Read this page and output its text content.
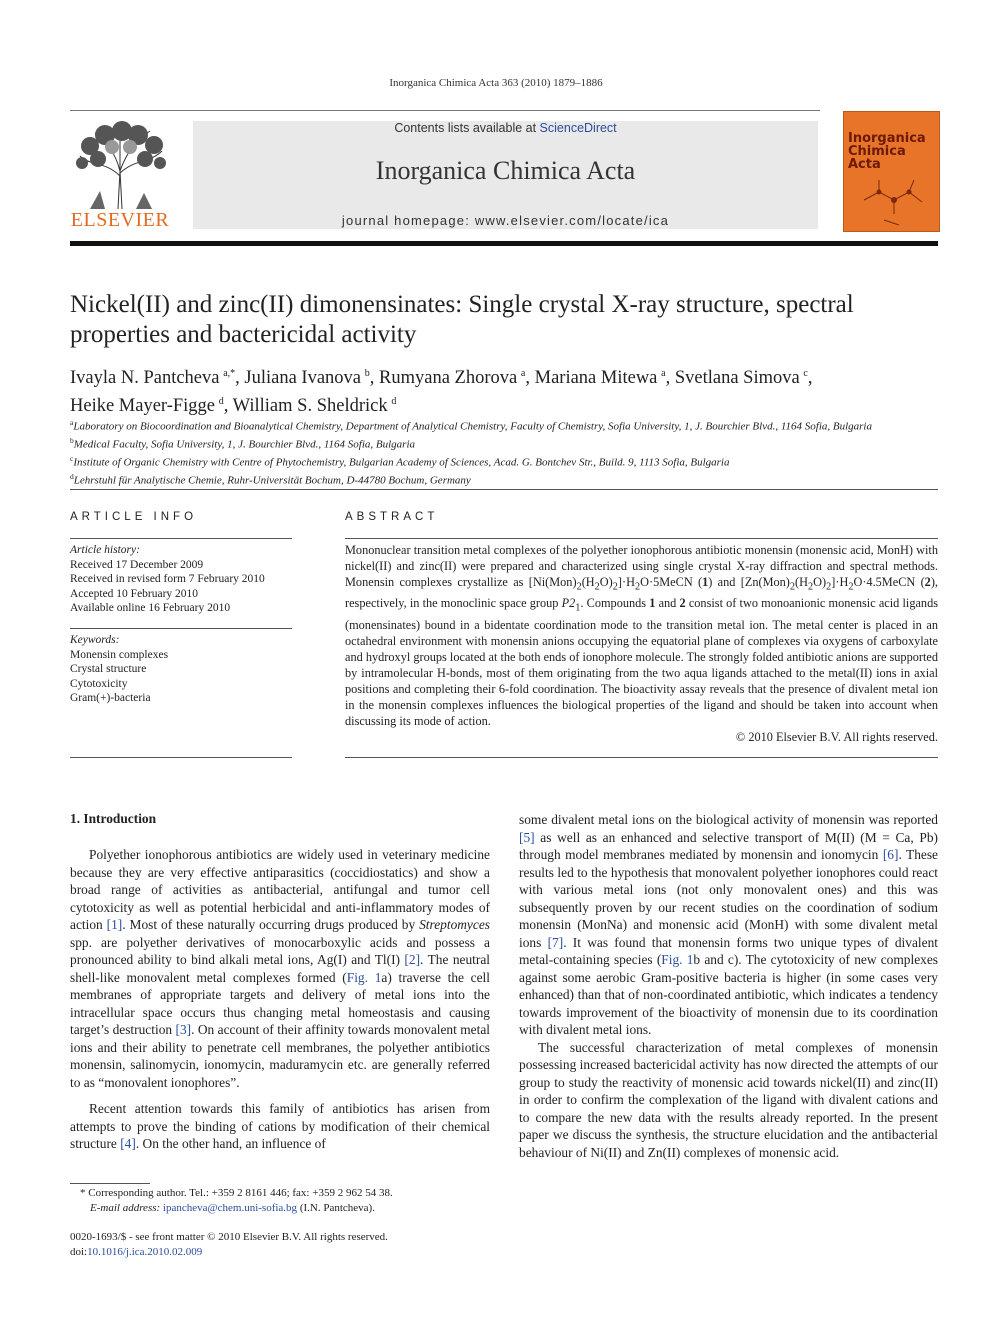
Inorganica Chimica Acta 363 (2010) 1879–1886
ELSEVIER
Contents lists available at ScienceDirect
Inorganica Chimica Acta
journal homepage: www.elsevier.com/locate/ica
Inorganica
Chimica Acta
Nickel(II) and zinc(II) dimonensinates: Single crystal X-ray structure, spectral
properties and bactericidal activity
Ivayla N. Pantcheva  $^{a,*}$, Juliana Ivanova  $^b$, Rumyana Zhorova  $^a$, Mariana Mitewa  $^a$, Svetlana Simova  $^c$,
Heike Mayer-Figge  $^d$, William S. Sheldrick  $^d$
$^a$Laboratory on Biocoordination and Bioanalytical Chemistry, Department of Analytical Chemistry, Faculty of Chemistry, Sofia University, 1, J. Bourchier Blvd., 1164 Sofia, Bulgaria
$^b$Medical Faculty, Sofia University, 1, J. Bourchier Blvd., 1164 Sofia, Bulgaria
$^c$Institute of Organic Chemistry with Centre of Phytochemistry, Bulgarian Academy of Sciences, Acad. G. Bontchev Str., Build. 9, 1113 Sofia, Bulgaria
$^d$Lehrstuhl für Analytische Chemie, Ruhr-Universität Bochum, D-44780 Bochum, Germany
ARTICLE INFO
Article history:
Received 17 December 2009
Received in revised form 7 February 2010
Accepted 10 February 2010
Available online 16 February 2010
Keywords:
Monensin complexes
Crystal structure
Cytotoxicity
Gram(+)-bacteria
ABSTRACT
Mononuclear transition metal complexes of the polyether ionophorous antibiotic monensin (monensic acid, MonH) with nickel(II) and zinc(II) were prepared and characterized using single crystal X-ray diffraction and spectral methods. Monensin complexes crystallize as $[Ni(Mon)_2(H_2O)_2]\cdot H_2O\cdot 5MeCN$ (1) and $[Zn(Mon)_2(H_2O)_2]\cdot H_2O\cdot 4.5MeCN$ (2), respectively, in the monoclinic space group $P2_1$. Compounds 1 and 2 consist of two monoanionic monensic acid ligands (monensinates) bound in a bidentate coordination mode to the transition metal ion. The metal center is placed in an octahedral environment with monensin anions occupying the equatorial plane of complexes via oxygens of carboxylate and hydroxyl groups located at the both ends of ionophore molecule. The strongly folded antibiotic anions are supported by intramolecular H-bonds, most of them originating from the two aqua ligands attached to the metal(II) ions in axial positions and completing their 6-fold coordination. The bioactivity assay reveals that the presence of divalent metal ion in the monensin complexes influences the biological properties of the ligand and should be taken into account when discussing its mode of action.
© 2010 Elsevier B.V. All rights reserved.
1. Introduction

Polyether ionophorous antibiotics are widely used in veterinary medicine because they are very effective antiparasitics (coccidiostatics) and show a broad range of activities as antibacterial, antifungal and tumor cell cytotoxicity as well as potential herbicidal and anti-inflammatory modes of action [1]. Most of these naturally occurring drugs produced by Streptomyces spp. are polyether derivatives of monocarboxylic acids and possess a pronounced ability to bind alkali metal ions, Ag(I) and Tl(I) [2]. The neutral shell-like monovalent metal complexes formed (Fig. 1a) traverse the cell membranes of appropriate targets and delivery of metal ions into the intracellular space occurs thus changing metal homeostasis and causing target’s destruction [3]. On account of their affinity towards monovalent metal ions and their ability to penetrate cell membranes, the polyether antibiotics monensin, salinomycin, ionomycin, maduramycin etc. are generally referred to as “monovalent ionophores”.

Recent attention towards this family of antibiotics has arisen from attempts to prove the binding of cations by modification of their chemical structure [4]. On the other hand, an influence of

some divalent metal ions on the biological activity of monensin was reported [5] as well as an enhanced and selective transport of M(II) (M = Ca, Pb) through model membranes mediated by monensin and ionomycin [6]. These results led to the hypothesis that monovalent polyether ionophores could react with various metal ions (not only monovalent ones) and this was subsequently proven by our recent studies on the coordination of sodium monensin (MonNa) and monensic acid (MonH) with some divalent metal ions [7]. It was found that monensin forms two unique types of divalent metal-containing species (Fig. 1b and c). The cytotoxicity of new complexes against some aerobic Gram-positive bacteria is higher (in some cases very enhanced) than that of non-coordinated antibiotic, which indicates a tendency towards improvement of the bioactivity of monensin due to its coordination with divalent metal ions.

The successful characterization of metal complexes of monensin possessing increased bactericidal activity has now directed the attempts of our group to study the reactivity of monensic acid towards nickel(II) and zinc(II) in order to confirm the complexation of the ligand with divalent cations and to compare the new data with the results already reported. In the present paper we discuss the synthesis, the structure elucidation and the antibacterial behaviour of Ni(II) and Zn(II) complexes of monensic acid.

* Corresponding author. Tel.: +359 2 8161 446; fax: +359 2 962 54 38.
E-mail address: ipancheva@chem.uni-sofia.bg (I.N. Pantcheva).
0020-1693/$ - see front matter © 2010 Elsevier B.V. All rights reserved.
doi:10.1016/j.ica.2010.02.009
